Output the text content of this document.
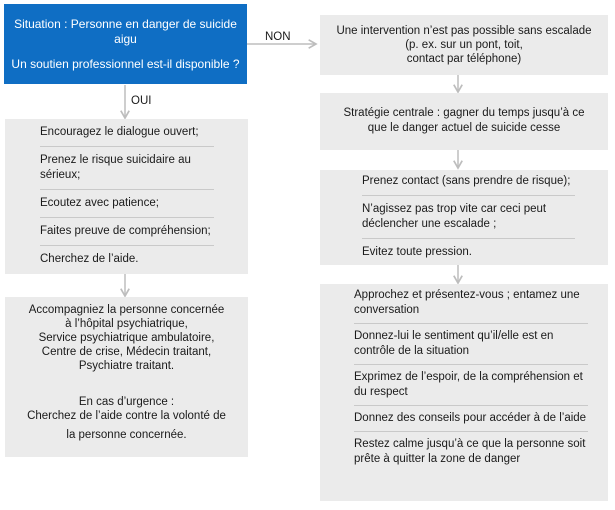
NON
OUI
Situation : Personne en danger de suicide aigu
Un soutien professionnel est-il disponible ?
Encouragez le dialogue ouvert;
Prenez le risque suicidaire au sérieux;
Ecoutez avec patience;
Faites preuve de compréhension;
Cherchez de l’aide.
Accompagniez la personne concernée
à l’hôpital psychiatrique,
Service psychiatrique ambulatoire,
Centre de crise, Médecin traitant,
Psychiatre traitant.
En cas d’urgence :
Cherchez de l’aide contre la volonté de
la personne concernée.
Une intervention n’est pas possible sans escalade
(p. ex. sur un pont, toit,
contact par téléphone)
Stratégie centrale : gagner du temps jusqu’à ce que le danger actuel de suicide cesse
Prenez contact (sans prendre de risque);
N’agissez pas trop vite car ceci peut déclencher une escalade ;
Evitez toute pression.
Approchez et présentez-vous ; entamez une conversation
Donnez-lui le sentiment qu’il/elle est en contrôle de la situation
Exprimez de l’espoir, de la compréhension et du respect
Donnez des conseils pour accéder à de l’aide
Restez calme jusqu’à ce que la personne soit prête à quitter la zone de danger
